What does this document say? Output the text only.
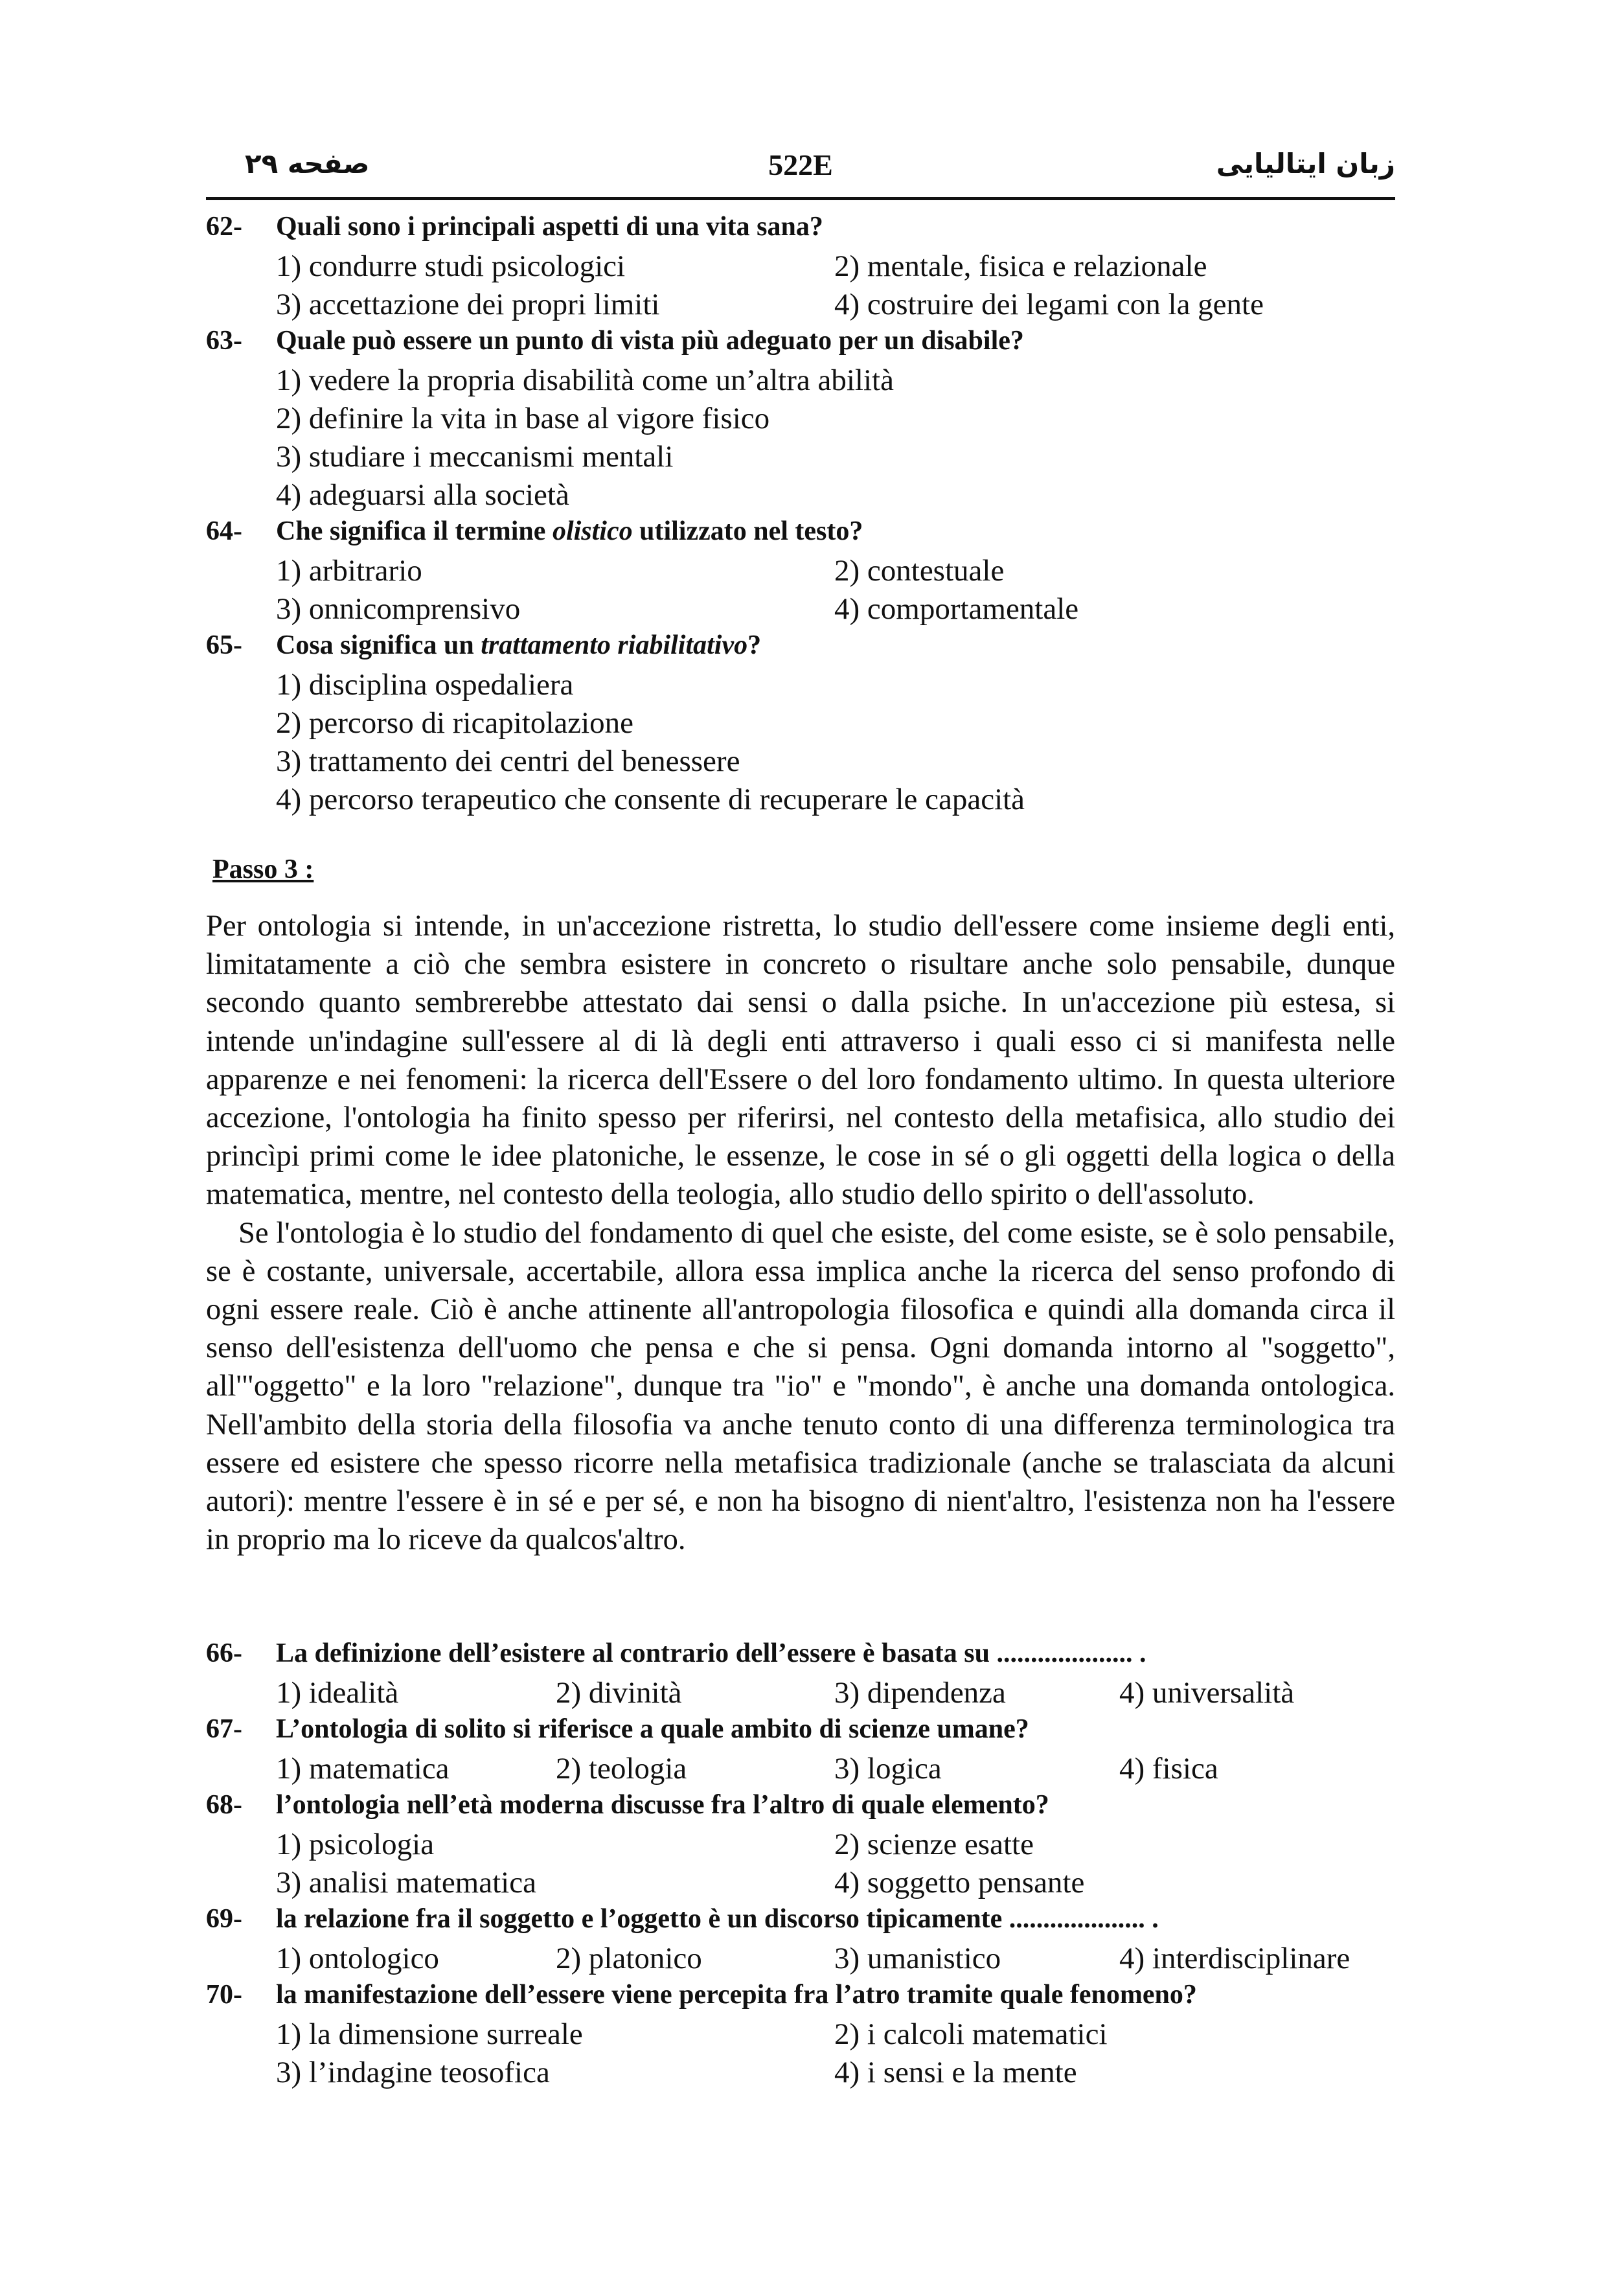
صفحه ۲۹	522E	زبان ایتالیایی
62- Quali sono i principali aspetti di una vita sana?
1) condurre studi psicologici	2) mentale, fisica e relazionale
3) accettazione dei propri limiti	4) costruire dei legami con la gente
63- Quale può essere un punto di vista più adeguato per un disabile?
1) vedere la propria disabilità come un’altra abilità
2) definire la vita in base al vigore fisico
3) studiare i meccanismi mentali
4) adeguarsi alla società
64- Che significa il termine olistico utilizzato nel testo?
1) arbitrario	2) contestuale
3) onnicomprensivo	4) comportamentale
65- Cosa significa un trattamento riabilitativo?
1) disciplina ospedaliera
2) percorso di ricapitolazione
3) trattamento dei centri del benessere
4) percorso terapeutico che consente di recuperare le capacità
Passo 3 :

Per ontologia si intende, in un'accezione ristretta, lo studio dell'essere come insieme degli enti, limitatamente a ciò che sembra esistere in concreto o risultare anche solo pensabile, dunque secondo quanto sembrerebbe attestato dai sensi o dalla psiche. In un'accezione più estesa, si intende un'indagine sull'essere al di là degli enti attraverso i quali esso ci si manifesta nelle apparenze e nei fenomeni: la ricerca dell'Essere o del loro fondamento ultimo. In questa ulteriore accezione, l'ontologia ha finito spesso per riferirsi, nel contesto della metafisica, allo studio dei princìpi primi come le idee platoniche, le essenze, le cose in sé o gli oggetti della logica o della matematica, mentre, nel contesto della teologia, allo studio dello spirito o dell'assoluto.

Se l'ontologia è lo studio del fondamento di quel che esiste, del come esiste, se è solo pensabile, se è costante, universale, accertabile, allora essa implica anche la ricerca del senso profondo di ogni essere reale. Ciò è anche attinente all'antropologia filosofica e quindi alla domanda circa il senso dell'esistenza dell'uomo che pensa e che si pensa. Ogni domanda intorno al "soggetto", all'"oggetto" e la loro "relazione", dunque tra "io" e "mondo", è anche una domanda ontologica. Nell'ambito della storia della filosofia va anche tenuto conto di una differenza terminologica tra essere ed esistere che spesso ricorre nella metafisica tradizionale (anche se tralasciata da alcuni autori): mentre l'essere è in sé e per sé, e non ha bisogno di nient'altro, l'esistenza non ha l'essere in proprio ma lo riceve da qualcos'altro.

66- La definizione dell’esistere al contrario dell’essere è basata su .................... .
1) idealità	2) divinità	3) dipendenza	4) universalità
67- L’ontologia di solito si riferisce a quale ambito di scienze umane?
1) matematica	2) teologia	3) logica	4) fisica
68- l’ontologia nell’età moderna discusse fra l’altro di quale elemento?
1) psicologia	2) scienze esatte
3) analisi matematica	4) soggetto pensante
69- la relazione fra il soggetto e l’oggetto è un discorso tipicamente .................... .
1) ontologico	2) platonico	3) umanistico	4) interdisciplinare
70- la manifestazione dell’essere viene percepita fra l’atro tramite quale fenomeno?
1) la dimensione surreale	2) i calcoli matematici
3) l’indagine teosofica	4) i sensi e la mente
